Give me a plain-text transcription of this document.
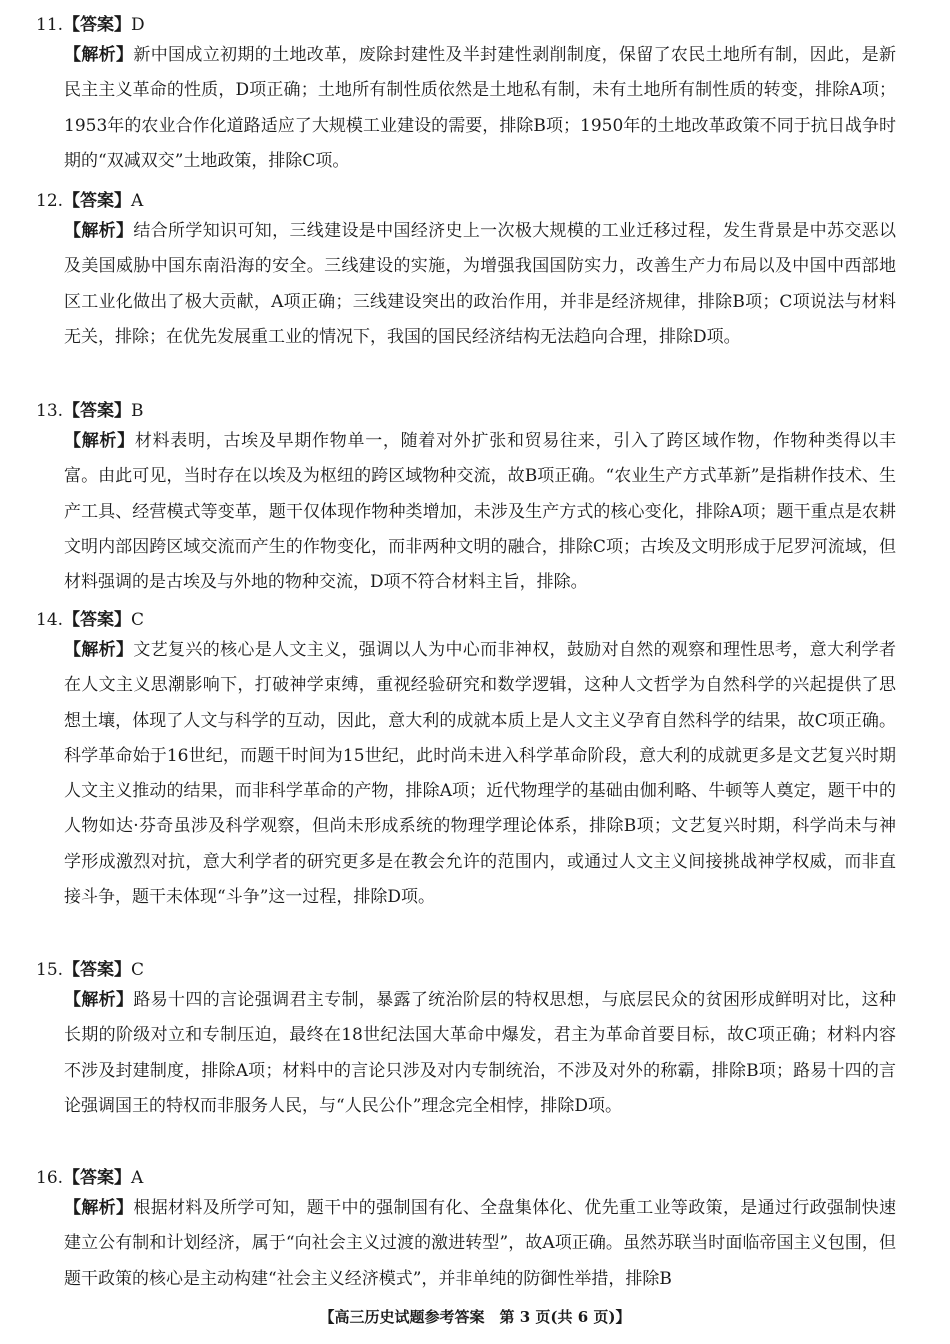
11.【答案】D
【解析】新中国成立初期的土地改革，废除封建性及半封建性剥削制度，保留了农民土地所有制，因此，是新民主主义革命的性质，D项正确；土地所有制性质依然是土地私有制，未有土地所有制性质的转变，排除A项；1953年的农业合作化道路适应了大规模工业建设的需要，排除B项；1950年的土地改革政策不同于抗日战争时期的“双减双交”土地政策，排除C项。
12.【答案】A
【解析】结合所学知识可知，三线建设是中国经济史上一次极大规模的工业迁移过程，发生背景是中苏交恶以及美国威胁中国东南沿海的安全。三线建设的实施，为增强我国国防实力，改善生产力布局以及中国中西部地区工业化做出了极大贡献，A项正确；三线建设突出的政治作用，并非是经济规律，排除B项；C项说法与材料无关，排除；在优先发展重工业的情况下，我国的国民经济结构无法趋向合理，排除D项。
13.【答案】B
【解析】材料表明，古埃及早期作物单一，随着对外扩张和贸易往来，引入了跨区域作物，作物种类得以丰富。由此可见，当时存在以埃及为枢纽的跨区域物种交流，故B项正确。“农业生产方式革新”是指耕作技术、生产工具、经营模式等变革，题干仅体现作物种类增加，未涉及生产方式的核心变化，排除A项；题干重点是农耕文明内部因跨区域交流而产生的作物变化，而非两种文明的融合，排除C项；古埃及文明形成于尼罗河流域，但材料强调的是古埃及与外地的物种交流，D项不符合材料主旨，排除。
14.【答案】C
【解析】文艺复兴的核心是人文主义，强调以人为中心而非神权，鼓励对自然的观察和理性思考，意大利学者在人文主义思潮影响下，打破神学束缚，重视经验研究和数学逻辑，这种人文哲学为自然科学的兴起提供了思想土壤，体现了人文与科学的互动，因此，意大利的成就本质上是人文主义孕育自然科学的结果，故C项正确。科学革命始于16世纪，而题干时间为15世纪，此时尚未进入科学革命阶段，意大利的成就更多是文艺复兴时期人文主义推动的结果，而非科学革命的产物，排除A项；近代物理学的基础由伽利略、牛顿等人奠定，题干中的人物如达·芬奇虽涉及科学观察，但尚未形成系统的物理学理论体系，排除B项；文艺复兴时期，科学尚未与神学形成激烈对抗，意大利学者的研究更多是在教会允许的范围内，或通过人文主义间接挑战神学权威，而非直接斗争，题干未体现“斗争”这一过程，排除D项。
15.【答案】C
【解析】路易十四的言论强调君主专制，暴露了统治阶层的特权思想，与底层民众的贫困形成鲜明对比，这种长期的阶级对立和专制压迫，最终在18世纪法国大革命中爆发，君主为革命首要目标，故C项正确；材料内容不涉及封建制度，排除A项；材料中的言论只涉及对内专制统治，不涉及对外的称霸，排除B项；路易十四的言论强调国王的特权而非服务人民，与“人民公仆”理念完全相悖，排除D项。
16.【答案】A
【解析】根据材料及所学可知，题干中的强制国有化、全盘集体化、优先重工业等政策，是通过行政强制快速建立公有制和计划经济，属于“向社会主义过渡的激进转型”，故A项正确。虽然苏联当时面临帝国主义包围，但题干政策的核心是主动构建“社会主义经济模式”，并非单纯的防御性举措，排除B
【高三历史试题参考答案　第 3 页(共 6 页)】
